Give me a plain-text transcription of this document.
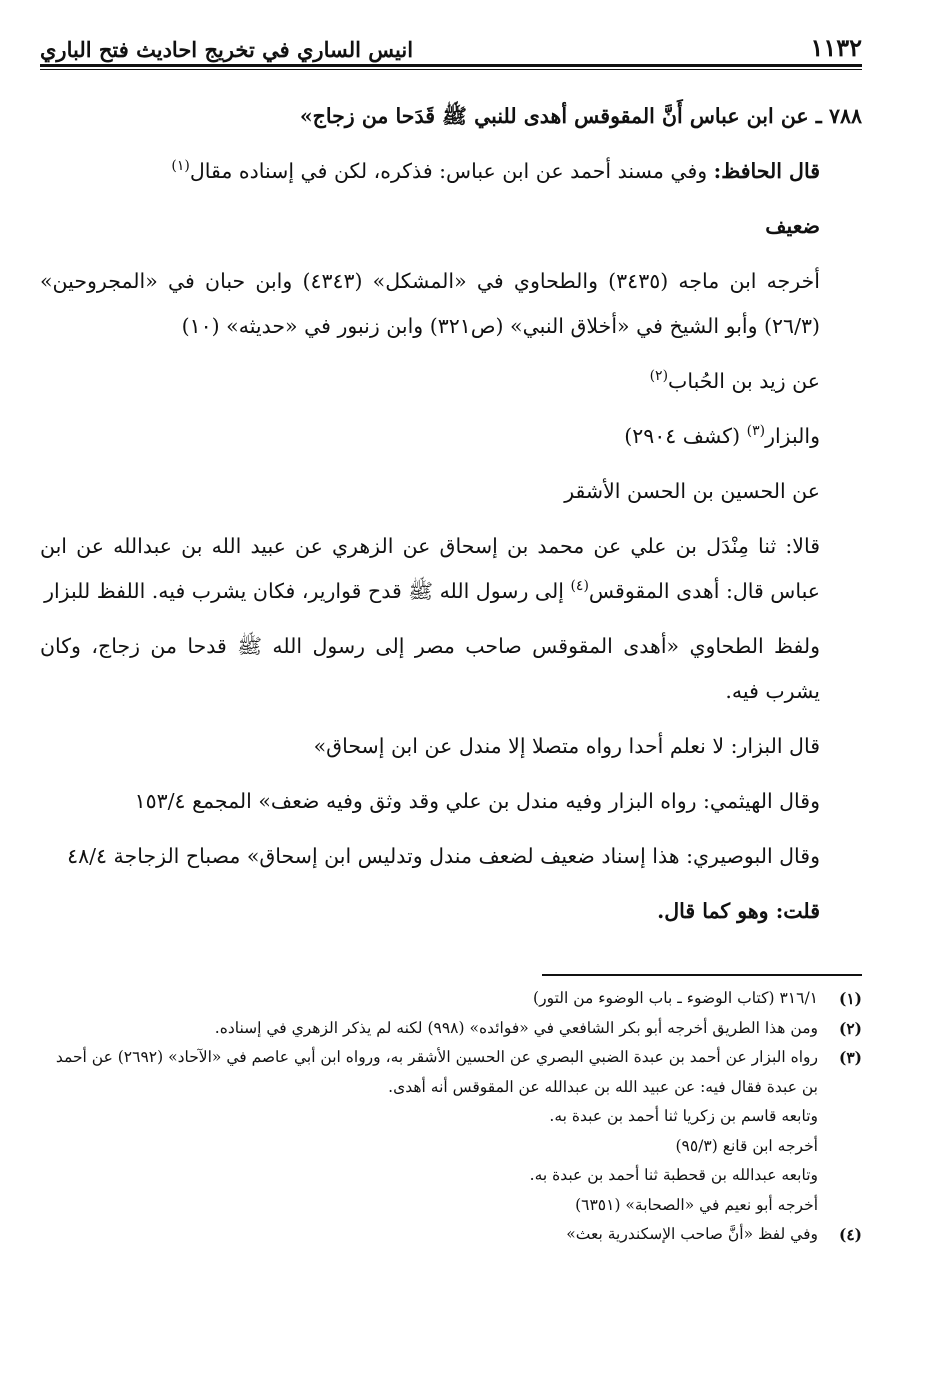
١١٣٢
انيس الساري في تخريج احاديث فتح الباري

٧٨٨ ـ عن ابن عباس أَنَّ المقوقس أهدى للنبي ﷺ قَدَحا من زجاج»

قال الحافظ: وفي مسند أحمد عن ابن عباس: فذكره، لكن في إسناده مقال$^{(١)}$

ضعيف

أخرجه ابن ماجه (٣٤٣٥) والطحاوي في «المشكل» (٤٣٤٣) وابن حبان في «المجروحين» (٢٦/٣) وأبو الشيخ في «أخلاق النبي» (ص٣٢١) وابن زنبور في «حديثه» (١٠)

عن زيد بن الحُباب$^{(٢)}$

والبزار$^{(٣)}$ (كشف ٢٩٠٤)

عن الحسين بن الحسن الأشقر

قالا: ثنا مِنْدَل بن علي عن محمد بن إسحاق عن الزهري عن عبيد الله بن عبدالله عن ابن عباس قال: أهدى المقوقس$^{(٤)}$ إلى رسول الله ﷺ قدح قوارير، فكان يشرب فيه. اللفظ للبزار

ولفظ الطحاوي «أهدى المقوقس صاحب مصر إلى رسول الله ﷺ قدحا من زجاج، وكان يشرب فيه.

قال البزار: لا نعلم أحدا رواه متصلا إلا مندل عن ابن إسحاق»

وقال الهيثمي: رواه البزار وفيه مندل بن علي وقد وثق وفيه ضعف» المجمع ١٥٣/٤

وقال البوصيري: هذا إسناد ضعيف لضعف مندل وتدليس ابن إسحاق» مصباح الزجاجة ٤٨/٤

قلت: وهو كما قال.

(١)
٣١٦/١ (كتاب الوضوء ـ باب الوضوء من التور)

(٢)
ومن هذا الطريق أخرجه أبو بكر الشافعي في «فوائده» (٩٩٨) لكنه لم يذكر الزهري في إسناده.

(٣)
رواه البزار عن أحمد بن عبدة الضبي البصري عن الحسين الأشقر به، ورواه ابن أبي عاصم في «الآحاد» (٢٦٩٢) عن أحمد بن عبدة فقال فيه: عن عبيد الله بن عبدالله عن المقوقس أنه أهدى.

وتابعه قاسم بن زكريا ثنا أحمد بن عبدة به.

أخرجه ابن قانع (٩٥/٣)

وتابعه عبدالله بن قحطبة ثنا أحمد بن عبدة به.

أخرجه أبو نعيم في «الصحابة» (٦٣٥١)

(٤)
وفي لفظ «أنَّ صاحب الإسكندرية بعث»
